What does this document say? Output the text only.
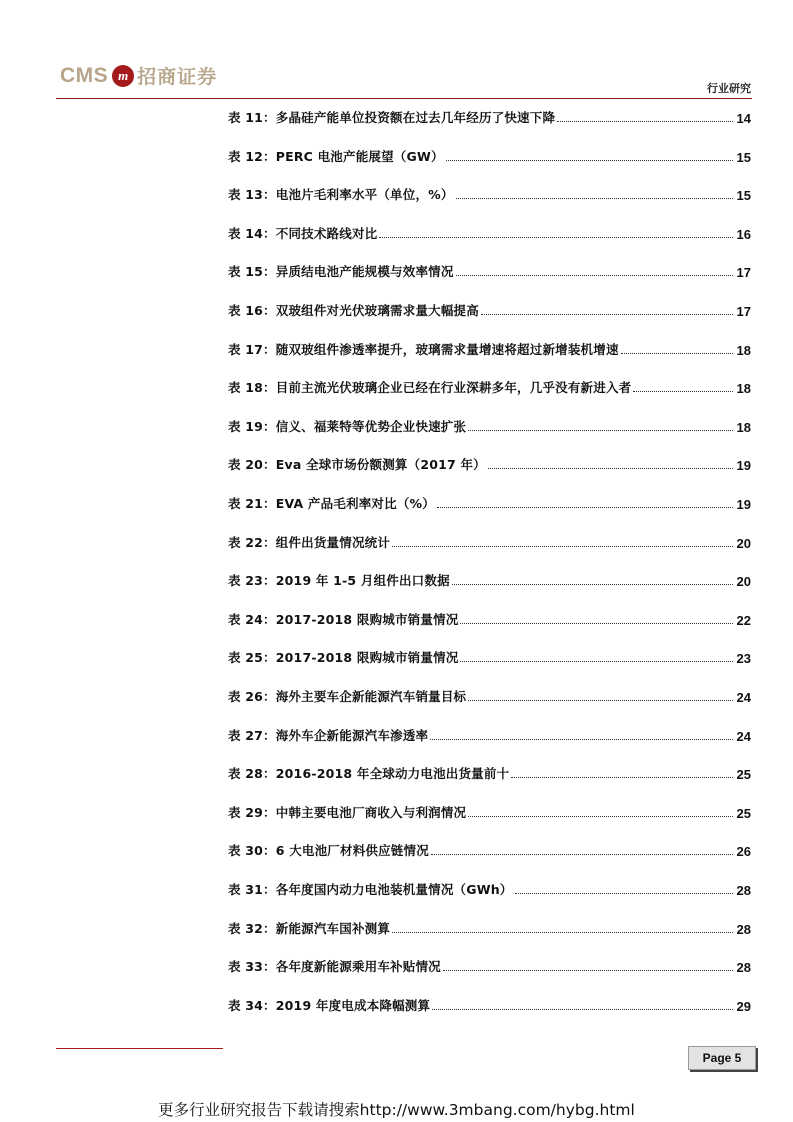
CMS m 招商证券
行业研究
表 11：多晶硅产能单位投资额在过去几年经历了快速下降	14
表 12：PERC 电池产能展望（GW）	15
表 13：电池片毛利率水平（单位，%）	15
表 14：不同技术路线对比	16
表 15：异质结电池产能规模与效率情况	17
表 16：双玻组件对光伏玻璃需求量大幅提高	17
表 17：随双玻组件渗透率提升，玻璃需求量增速将超过新增装机增速	18
表 18：目前主流光伏玻璃企业已经在行业深耕多年，几乎没有新进入者	18
表 19：信义、福莱特等优势企业快速扩张	18
表 20：Eva 全球市场份额测算（2017 年）	19
表 21：EVA 产品毛利率对比（%）	19
表 22：组件出货量情况统计	20
表 23：2019 年 1-5 月组件出口数据	20
表 24：2017-2018 限购城市销量情况	22
表 25：2017-2018 限购城市销量情况	23
表 26：海外主要车企新能源汽车销量目标	24
表 27：海外车企新能源汽车渗透率	24
表 28：2016-2018 年全球动力电池出货量前十	25
表 29：中韩主要电池厂商收入与利润情况	25
表 30：6 大电池厂材料供应链情况	26
表 31：各年度国内动力电池装机量情况（GWh）	28
表 32：新能源汽车国补测算	28
表 33：各年度新能源乘用车补贴情况	28
表 34：2019 年度电成本降幅测算	29
Page 5
更多行业研究报告下载请搜索http://www.3mbang.com/hybg.html
